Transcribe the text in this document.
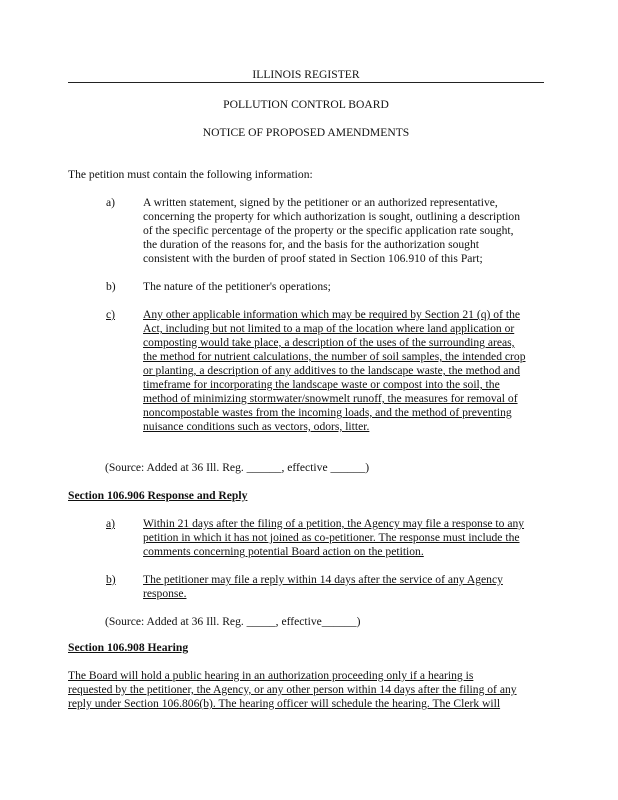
ILLINOIS REGISTER
POLLUTION CONTROL BOARD
NOTICE OF PROPOSED AMENDMENTS
The petition must contain the following information:
a) A written statement, signed by the petitioner or an authorized representative,
concerning the property for which authorization is sought, outlining a description
of the specific percentage of the property or the specific application rate sought,
the duration of the reasons for, and the basis for the authorization sought
consistent with the burden of proof stated in Section 106.910 of this Part;
b) The nature of the petitioner's operations;
c) Any other applicable information which may be required by Section 21 (q) of the
Act, including but not limited to a map of the location where land application or
composting would take place, a description of the uses of the surrounding areas,
the method for nutrient calculations, the number of soil samples, the intended crop
or planting, a description of any additives to the landscape waste, the method and
timeframe for incorporating the landscape waste or compost into the soil, the
method of minimizing stormwater/snowmelt runoff, the measures for removal of
noncompostable wastes from the incoming loads, and the method of preventing
nuisance conditions such as vectors, odors, litter.
(Source: Added at 36 Ill. Reg. ______, effective ______)
Section 106.906 Response and Reply
a) Within 21 days after the filing of a petition, the Agency may file a response to any
petition in which it has not joined as co-petitioner. The response must include the
comments concerning potential Board action on the petition.
b) The petitioner may file a reply within 14 days after the service of any Agency
response.
(Source: Added at 36 Ill. Reg. _____, effective______)
Section 106.908 Hearing
The Board will hold a public hearing in an authorization proceeding only if a hearing is
requested by the petitioner, the Agency, or any other person within 14 days after the filing of any
reply under Section 106.806(b). The hearing officer will schedule the hearing. The Clerk will
